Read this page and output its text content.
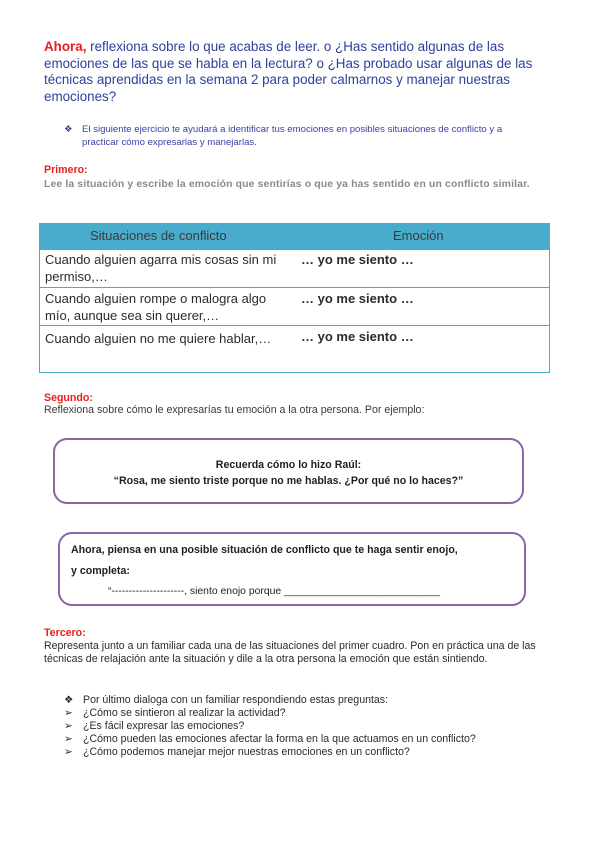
Ahora, reflexiona sobre lo que acabas de leer. o ¿Has sentido algunas de las emociones de las que se habla en la lectura? o ¿Has probado usar algunas de las técnicas aprendidas en la semana 2 para poder calmarnos y manejar nuestras emociones?
❖ El siguiente ejercicio te ayudará a identificar tus emociones en posibles situaciones de conflicto y a practicar cómo expresarlas y manejarlas.
Primero:
Lee la situación y escribe la emoción que sentirías o que ya has sentido en un conflicto similar.
Situaciones de conflicto	Emoción
Cuando alguien agarra mis cosas sin mi permiso,…
… yo me siento …
Cuando alguien rompe o malogra algo mío, aunque sea sin querer,…
… yo me siento …
Cuando alguien no me quiere hablar,…	… yo me siento …
Segundo:
Reflexiona sobre cómo le expresarías tu emoción a la otra persona. Por ejemplo:
Recuerda cómo lo hizo Raúl:
“Rosa, me siento triste porque no me hablas. ¿Por qué no lo haces?”
Ahora, piensa en una posible situación de conflicto que te haga sentir enojo,
y completa:
“---------------------, siento enojo porque ___________________________
Tercero:
Representa junto a un familiar cada una de las situaciones del primer cuadro. Pon en práctica una de las técnicas de relajación ante la situación y dile a la otra persona la emoción que están sintiendo.
❖ Por último dialoga con un familiar respondiendo estas preguntas:
➢ ¿Cómo se sintieron al realizar la actividad?
➢ ¿Es fácil expresar las emociones?
➢ ¿Cómo pueden las emociones afectar la forma en la que actuamos en un conflicto?
➢ ¿Cómo podemos manejar mejor nuestras emociones en un conflicto?
